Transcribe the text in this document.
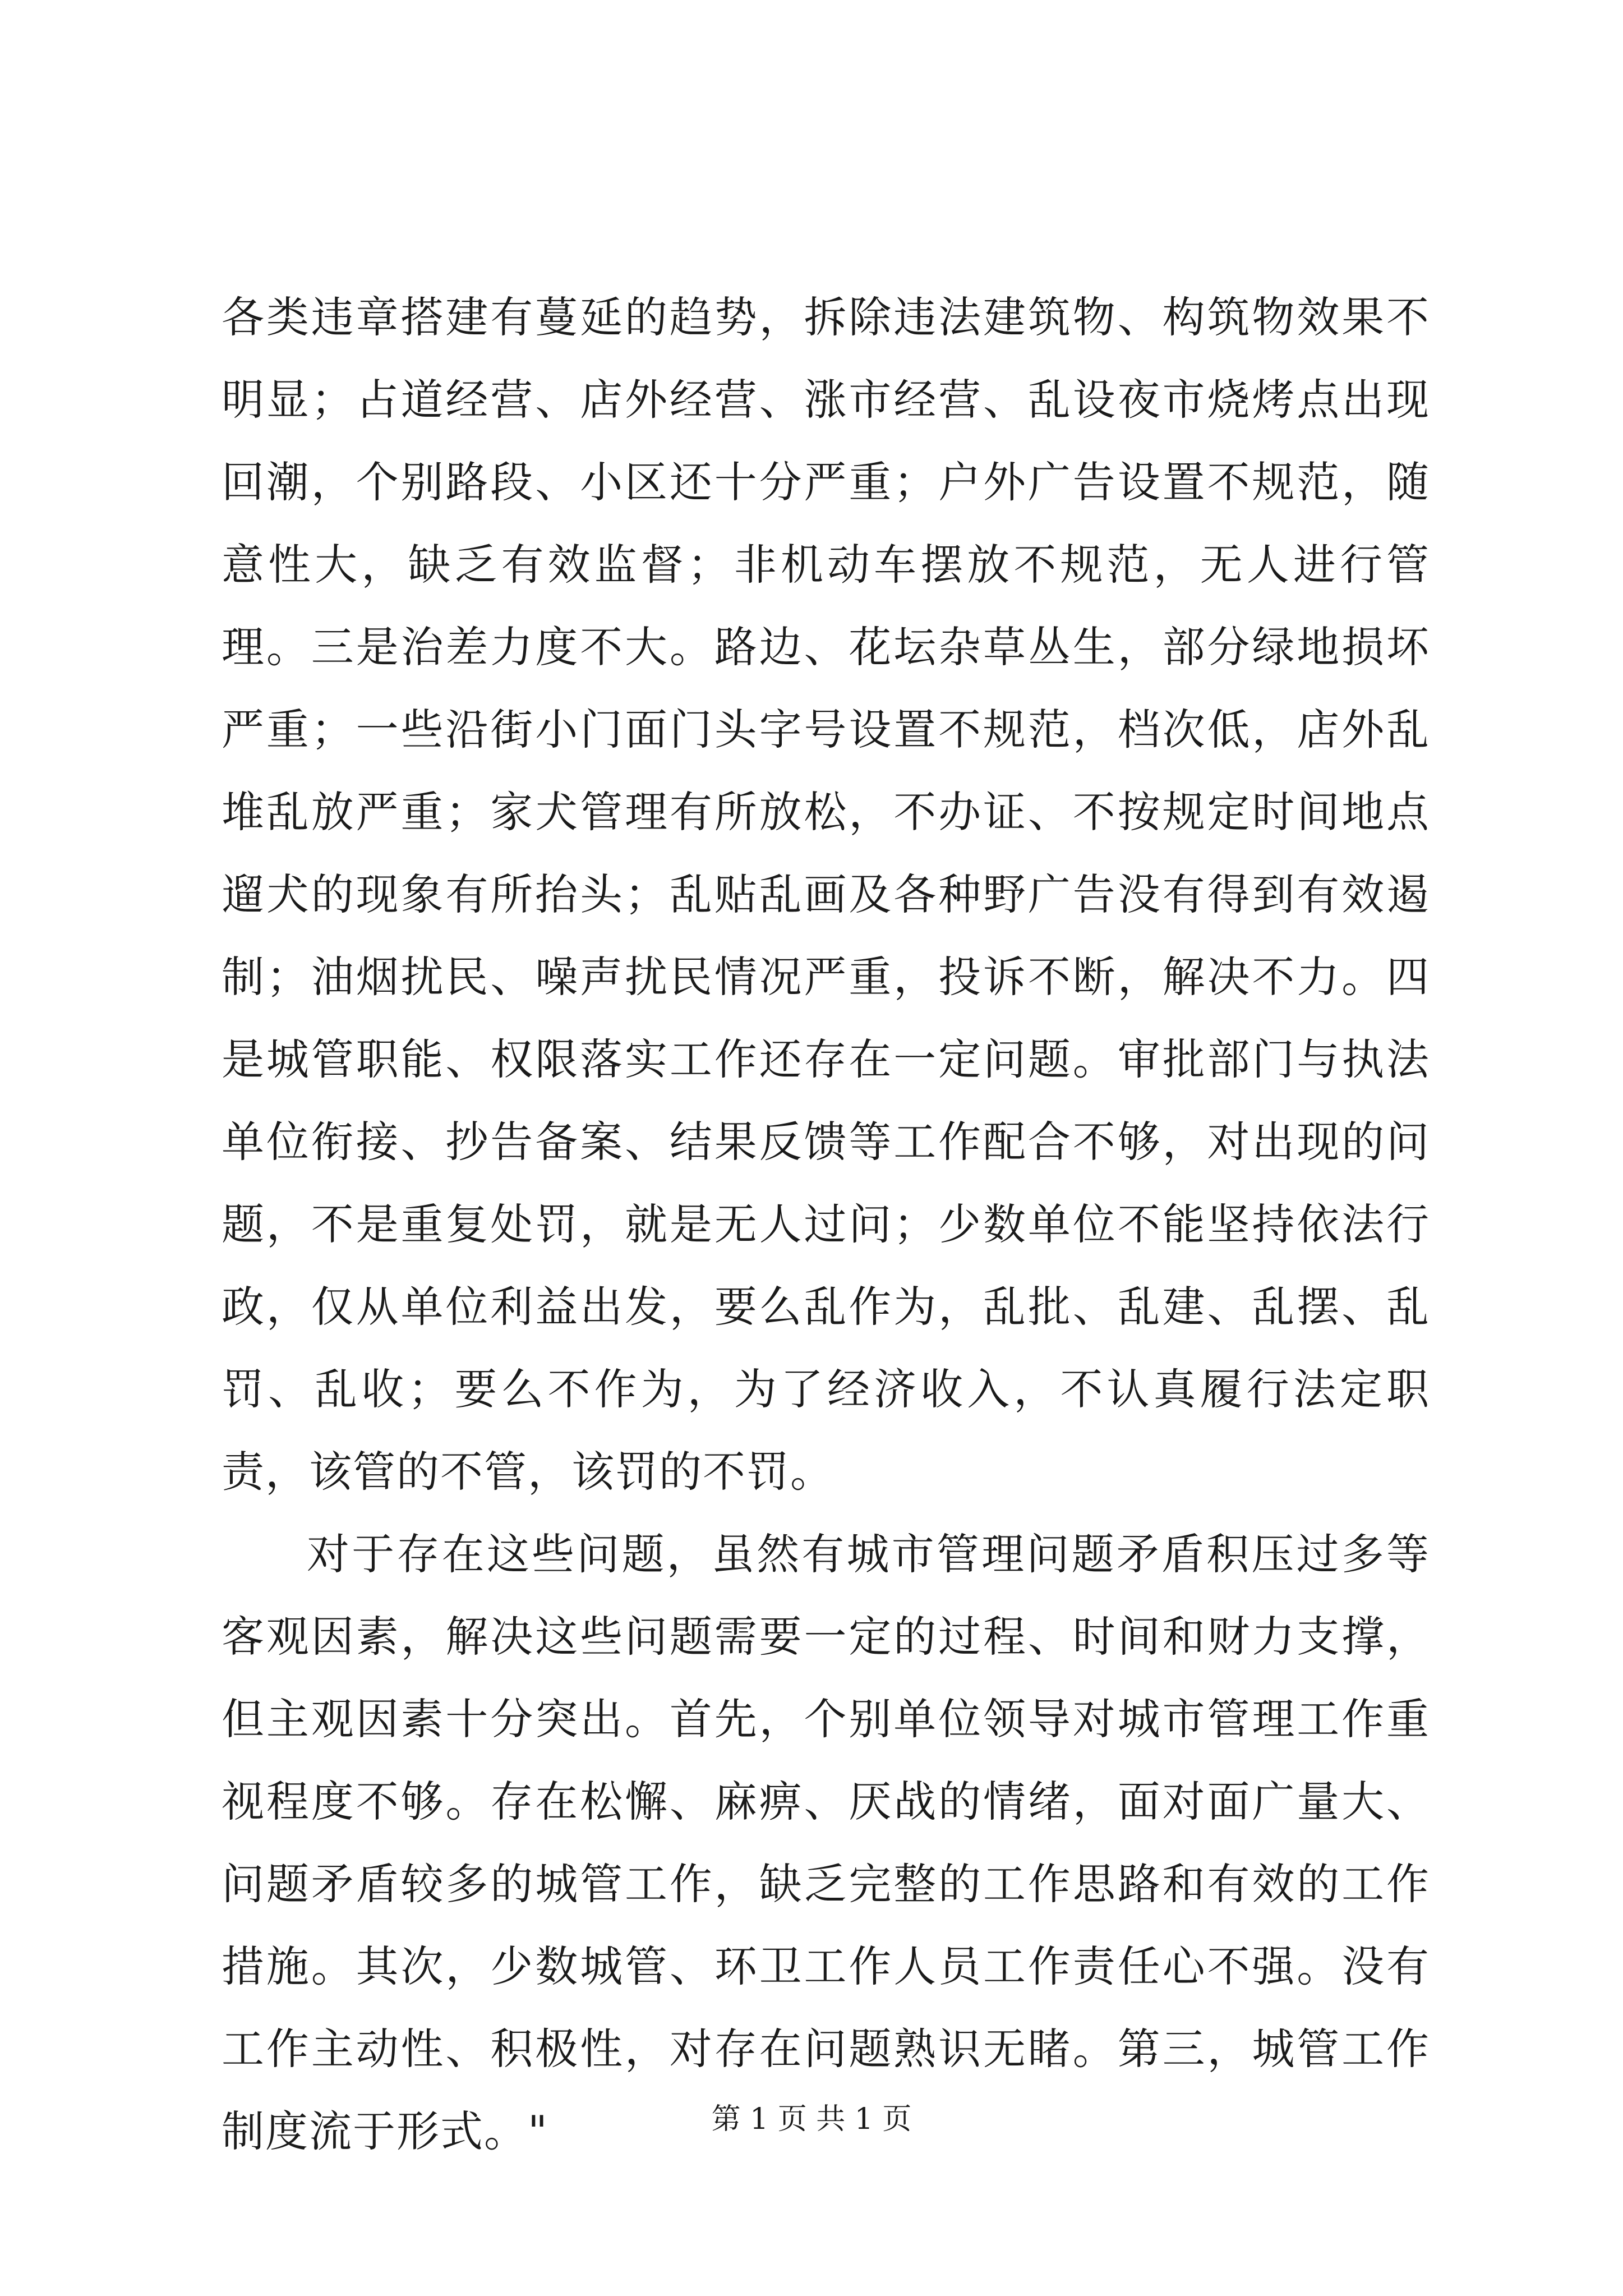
各类违章搭建有蔓延的趋势，拆除违法建筑物、构筑物效果不明显；占道经营、店外经营、涨市经营、乱设夜市烧烤点出现回潮，个别路段、小区还十分严重；户外广告设置不规范，随意性大，缺乏有效监督；非机动车摆放不规范，无人进行管理。三是治差力度不大。路边、花坛杂草丛生，部分绿地损坏严重；一些沿街小门面门头字号设置不规范，档次低，店外乱堆乱放严重；家犬管理有所放松，不办证、不按规定时间地点遛犬的现象有所抬头；乱贴乱画及各种野广告没有得到有效遏制；油烟扰民、噪声扰民情况严重，投诉不断，解决不力。四是城管职能、权限落实工作还存在一定问题。审批部门与执法单位衔接、抄告备案、结果反馈等工作配合不够，对出现的问题，不是重复处罚，就是无人过问；少数单位不能坚持依法行政，仅从单位利益出发，要么乱作为，乱批、乱建、乱摆、乱罚、乱收；要么不作为，为了经济收入，不认真履行法定职责，该管的不管，该罚的不罚。

对于存在这些问题，虽然有城市管理问题矛盾积压过多等客观因素，解决这些问题需要一定的过程、时间和财力支撑，但主观因素十分突出。首先，个别单位领导对城市管理工作重视程度不够。存在松懈、麻痹、厌战的情绪，面对面广量大、问题矛盾较多的城管工作，缺乏完整的工作思路和有效的工作措施。其次，少数城管、环卫工作人员工作责任心不强。没有工作主动性、积极性，对存在问题熟识无睹。第三，城管工作制度流于形式。"	第 1 页 共 1 页
